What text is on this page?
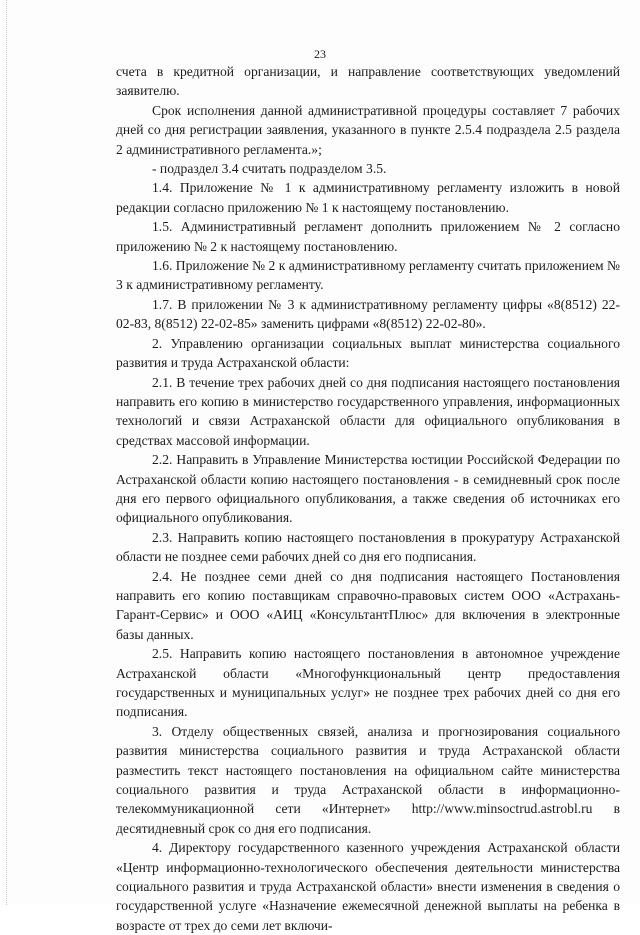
23

счета в кредитной организации, и направление соответствующих уведомлений заявителю.

Срок исполнения данной административной процедуры составляет 7 рабочих дней со дня регистрации заявления, указанного в пункте 2.5.4 подраздела 2.5 раздела 2 административного регламента.»;

- подраздел 3.4 считать подразделом 3.5.

1.4. Приложение № 1 к административному регламенту изложить в новой редакции согласно приложению № 1 к настоящему постановлению.

1.5. Административный регламент дополнить приложением № 2 согласно приложению № 2 к настоящему постановлению.

1.6. Приложение № 2 к административному регламенту считать приложением № 3 к административному регламенту.

1.7. В приложении № 3 к административному регламенту цифры «8(8512) 22-02-83, 8(8512) 22-02-85» заменить цифрами «8(8512) 22-02-80».

2. Управлению организации социальных выплат министерства социального развития и труда Астраханской области:

2.1. В течение трех рабочих дней со дня подписания настоящего постановления направить его копию в министерство государственного управления, информационных технологий и связи Астраханской области для официального опубликования в средствах массовой информации.

2.2. Направить в Управление Министерства юстиции Российской Федерации по Астраханской области копию настоящего постановления - в семидневный срок после дня его первого официального опубликования, а также сведения об источниках его официального опубликования.

2.3. Направить копию настоящего постановления в прокуратуру Астраханской области не позднее семи рабочих дней со дня его подписания.

2.4. Не позднее семи дней со дня подписания настоящего Постановления направить его копию поставщикам справочно-правовых систем ООО «Астрахань-Гарант-Сервис» и ООО «АИЦ «КонсультантПлюс» для включения в электронные базы данных.

2.5. Направить копию настоящего постановления в автономное учреждение Астраханской области «Многофункциональный центр предоставления государственных и муниципальных услуг» не позднее трех рабочих дней со дня его подписания.

3. Отделу общественных связей, анализа и прогнозирования социального развития министерства социального развития и труда Астраханской области разместить текст настоящего постановления на официальном сайте министерства социального развития и труда Астраханской области в информационно-телекоммуникационной сети «Интернет» http://www.minsoctrud.astrobl.ru в десятидневный срок со дня его подписания.

4. Директору государственного казенного учреждения Астраханской области «Центр информационно-технологического обеспечения деятельности министерства социального развития и труда Астраханской области» внести изменения в сведения о государственной услуге «Назначение ежемесячной денежной выплаты на ребенка в возрасте от трех до семи лет включи-
